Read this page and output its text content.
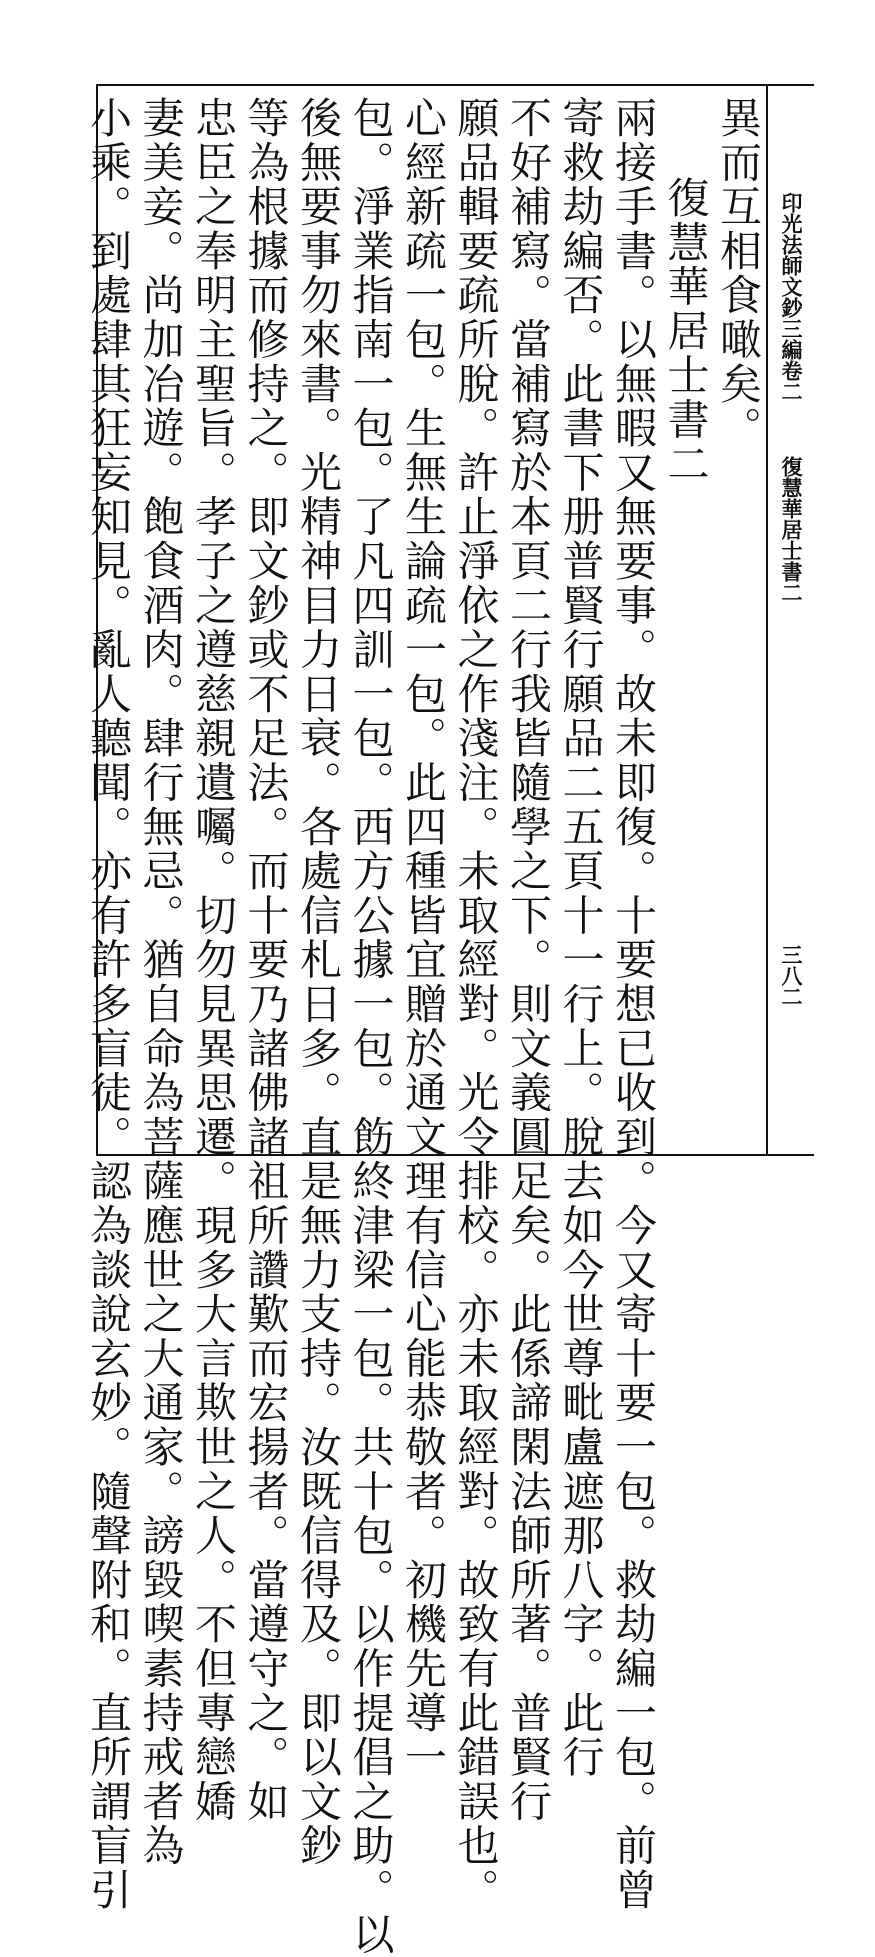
印光法師文鈔三編卷二
復慧華居士書二
三八二
異而互相食噉矣。
復慧華居士書二
兩接手書。以無暇又無要事。故未即復。十要想已收到。今又寄十要一包。救劫編一包。前曾
寄救劫編否。此書下册普賢行願品二五頁十一行上。脫去如今世尊毗盧遮那八字。此行
不好補寫。當補寫於本頁二行我皆隨學之下。則文義圓足矣。此係諦閑法師所著。普賢行
願品輯要疏所脫。許止淨依之作淺注。未取經對。光令排校。亦未取經對。故致有此錯誤也。
心經新疏一包。生無生論疏一包。此四種皆宜贈於通文理有信心能恭敬者。初機先導一
包。淨業指南一包。了凡四訓一包。西方公據一包。飭終津梁一包。共十包。以作提倡之助。以
後無要事勿來書。光精神目力日衰。各處信札日多。直是無力支持。汝既信得及。即以文鈔
等為根據而修持之。即文鈔或不足法。而十要乃諸佛諸祖所讚歎而宏揚者。當遵守之。如
忠臣之奉明主聖旨。孝子之遵慈親遺囑。切勿見異思遷。現多大言欺世之人。不但專戀嬌
妻美妾。尚加冶遊。飽食酒肉。肆行無忌。猶自命為菩薩應世之大通家。謗毀喫素持戒者為
小乘。到處肆其狂妄知見。亂人聽聞。亦有許多盲徒。認為談說玄妙。隨聲附和。直所謂盲引
